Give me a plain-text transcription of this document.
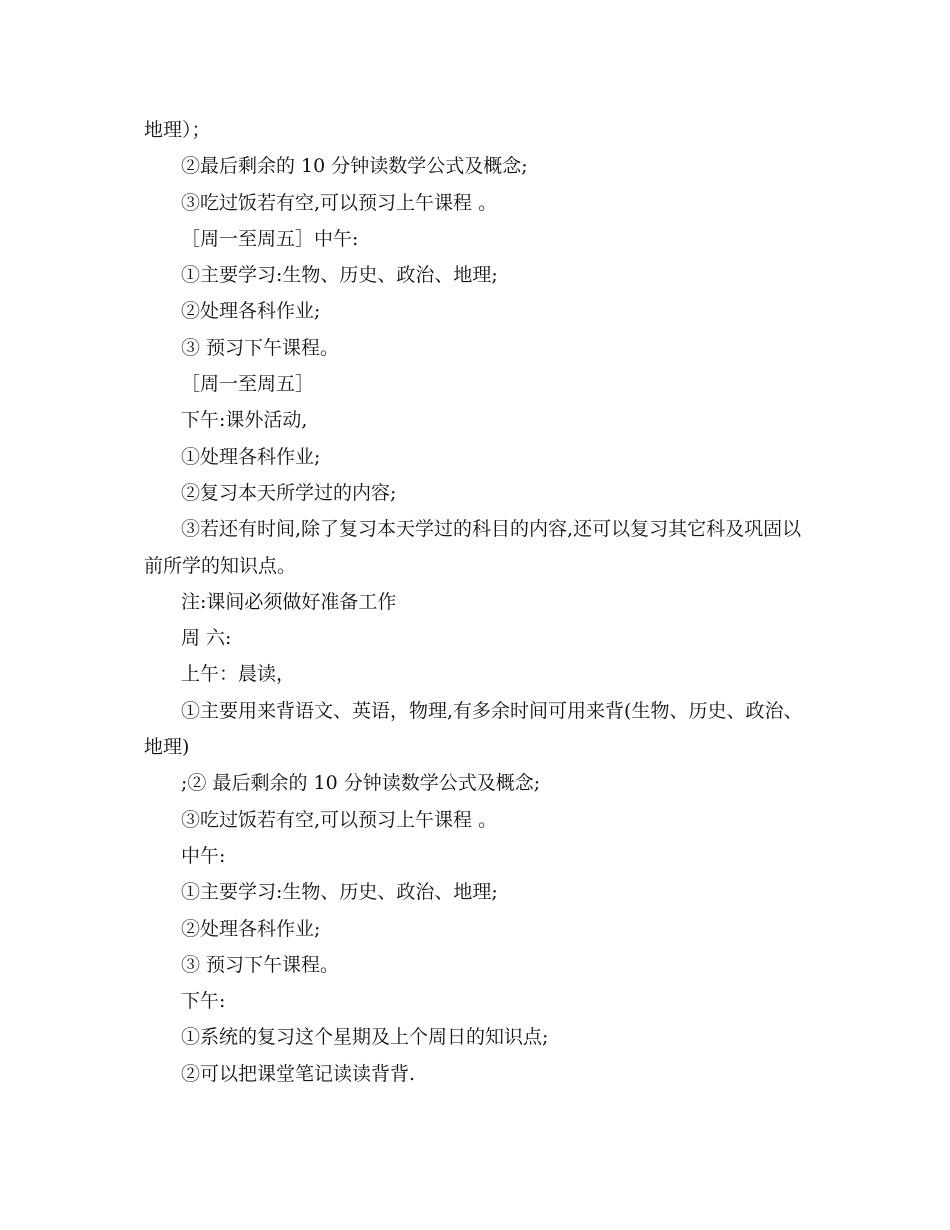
地理）；
②最后剩余的 10 分钟读数学公式及概念;
③吃过饭若有空,可以预习上午课程 。
［周一至周五］中午:
①主要学习:生物、历史、政治、地理;
②处理各科作业;
③ 预习下午课程。
［周一至周五］
下午:课外活动,
①处理各科作业;
②复习本天所学过的内容;
③若还有时间,除了复习本天学过的科目的内容,还可以复习其它科及巩固以
前所学的知识点。
注:课间必须做好准备工作
周 六:
上午：晨读，
①主要用来背语文、英语，物理,有多余时间可用来背(生物、历史、政治、
地理)
;② 最后剩余的 10 分钟读数学公式及概念;
③吃过饭若有空,可以预习上午课程 。
中午:
①主要学习:生物、历史、政治、地理;
②处理各科作业;
③ 预习下午课程。
下午:
①系统的复习这个星期及上个周日的知识点;
②可以把课堂笔记读读背背.
